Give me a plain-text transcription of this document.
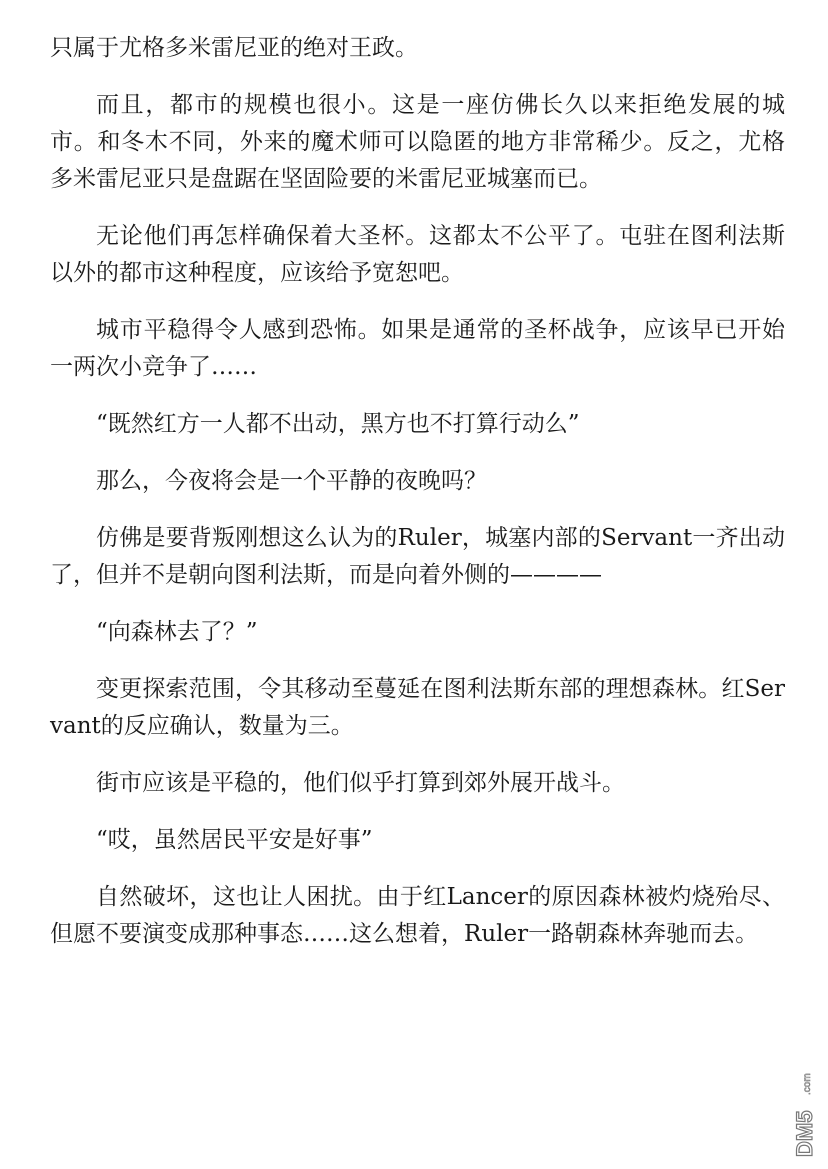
只属于尤格多米雷尼亚的绝对王政。

而且，都市的规模也很小。这是一座仿佛长久以来拒绝发展的城市。和冬木不同，外来的魔术师可以隐匿的地方非常稀少。反之，尤格多米雷尼亚只是盘踞在坚固险要的米雷尼亚城塞而已。

无论他们再怎样确保着大圣杯。这都太不公平了。屯驻在图利法斯以外的都市这种程度，应该给予宽恕吧。

城市平稳得令人感到恐怖。如果是通常的圣杯战争，应该早已开始一两次小竞争了……

“既然红方一人都不出动，黑方也不打算行动么”

那么，今夜将会是一个平静的夜晚吗？

仿佛是要背叛刚想这么认为的Ruler，城塞内部的Servant一齐出动了，但并不是朝向图利法斯，而是向着外侧的————

“向森林去了？”

变更探索范围，令其移动至蔓延在图利法斯东部的理想森林。红Servant的反应确认，数量为三。

街市应该是平稳的，他们似乎打算到郊外展开战斗。

“哎，虽然居民平安是好事”

自然破坏，这也让人困扰。由于红Lancer的原因森林被灼烧殆尽、但愿不要演变成那种事态……这么想着，Ruler一路朝森林奔驰而去。

DM5
.com
